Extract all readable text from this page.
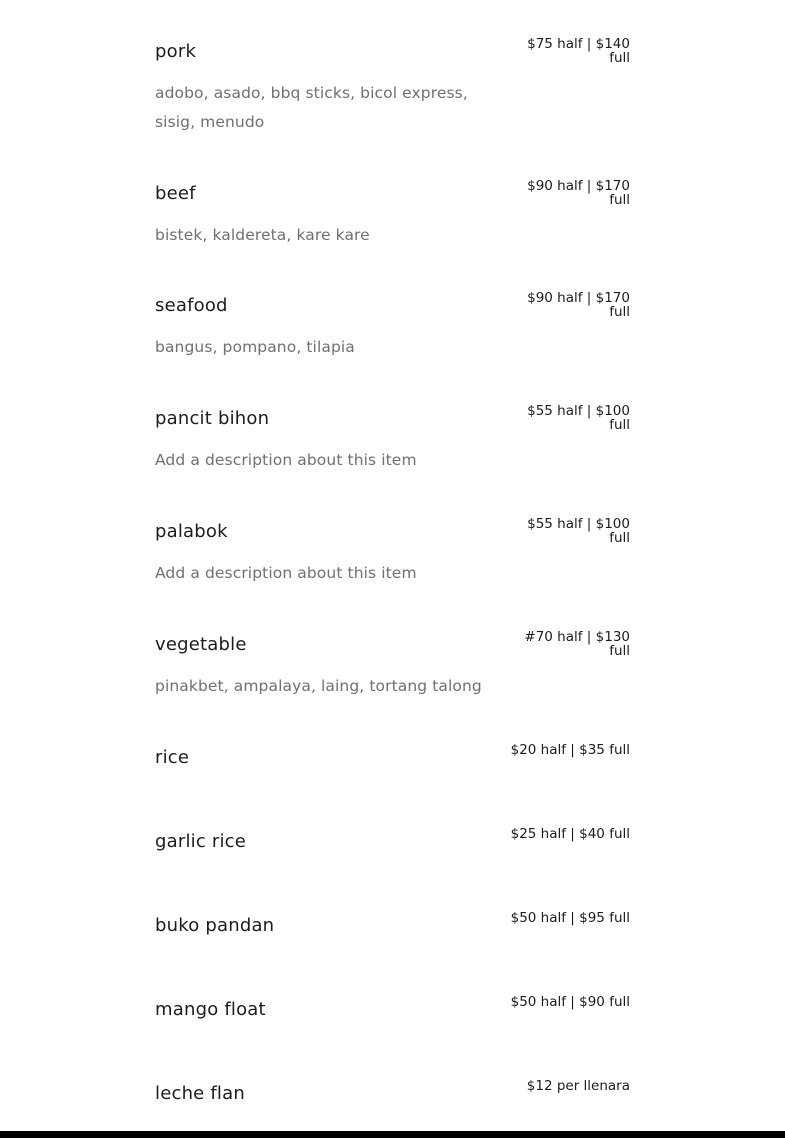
pork	$75 half | $140 full
adobo, asado, bbq sticks, bicol express, sisig, menudo
beef	$90 half | $170 full
bistek, kaldereta, kare kare
seafood	$90 half | $170 full
bangus, pompano, tilapia
pancit bihon	$55 half | $100 full
Add a description about this item
palabok	$55 half | $100 full
Add a description about this item
vegetable	#70 half | $130 full
pinakbet, ampalaya, laing, tortang talong
rice	$20 half | $35 full
garlic rice	$25 half | $40 full
buko pandan	$50 half | $95 full
mango float	$50 half | $90 full
leche flan	$12 per llenara
